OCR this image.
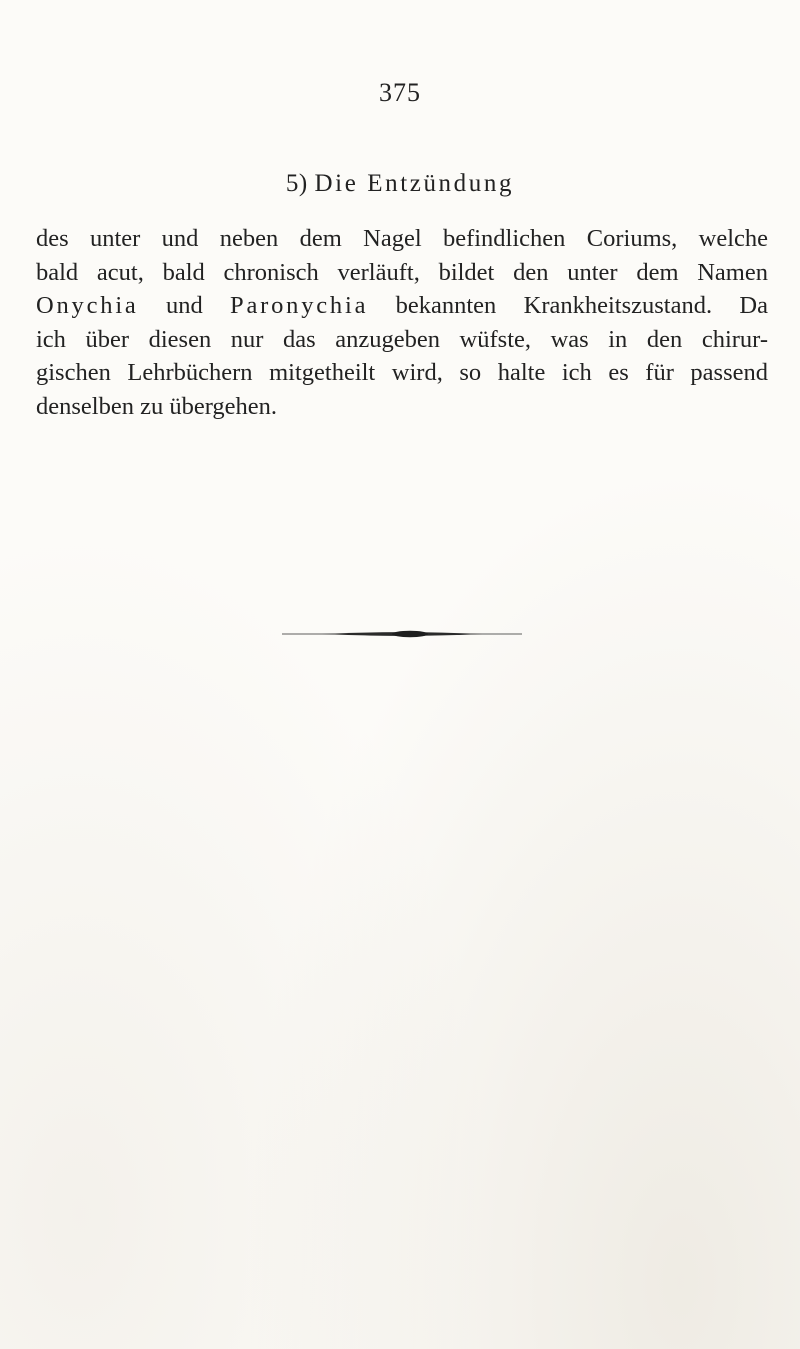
375
5) Die Entzündung
des unter und neben dem Nagel befindlichen Coriums, welche
bald acut, bald chronisch verläuft, bildet den unter dem Namen
Onychia und Paronychia bekannten Krankheitszustand. Da
ich über diesen nur das anzugeben wüfste, was in den chirur-
gischen Lehrbüchern mitgetheilt wird, so halte ich es für passend
denselben zu übergehen.
